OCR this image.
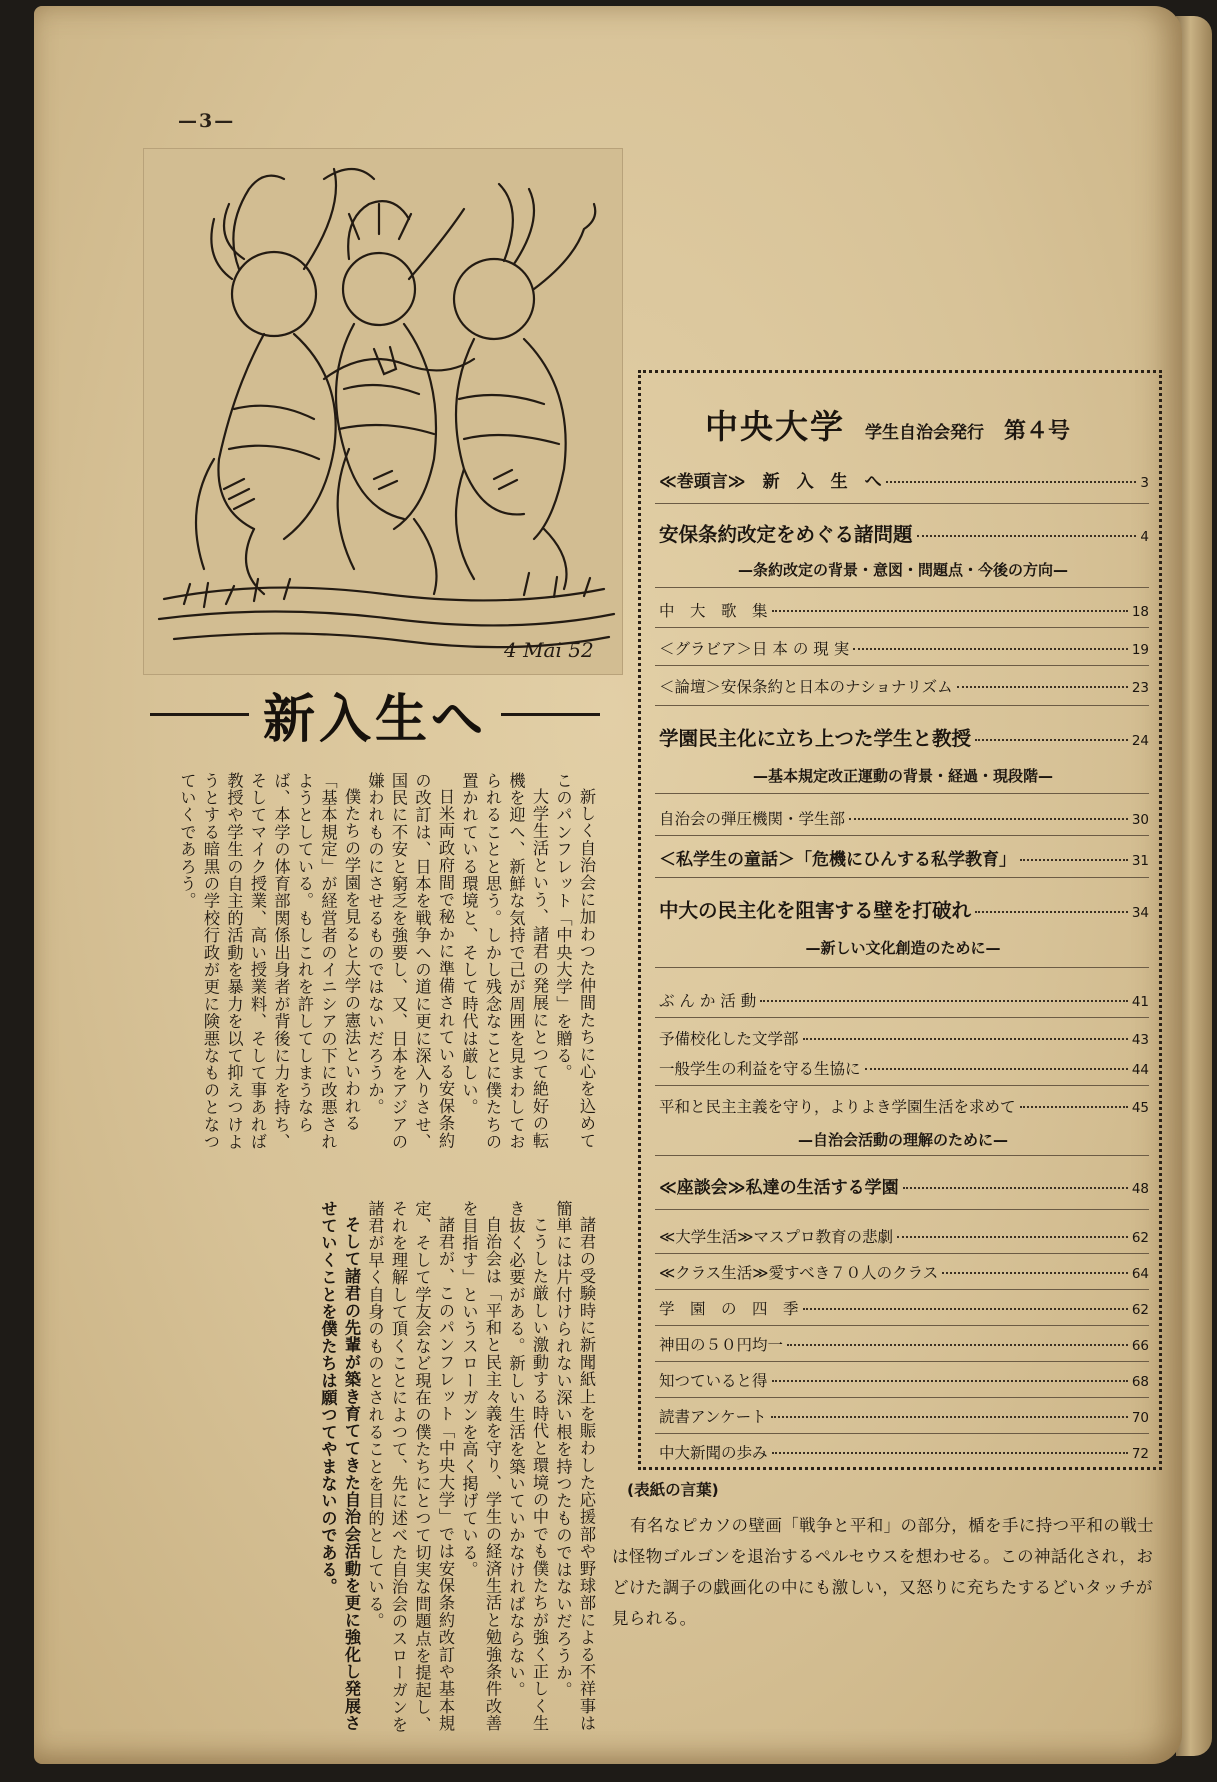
—3—
4 Mai 52
新入生へ

新しく自治会に加わつた仲間たちに心を込めてこのパンフレット「中央大学」を贈る。

大学生活という、諸君の発展にとつて絶好の転機を迎へ、新鮮な気持で己が周囲を見まわしておられることと思う。しかし残念なことに僕たちの置かれている環境と、そして時代は厳しい。

日米両政府間で秘かに準備されている安保条約の改訂は、日本を戦争への道に更に深入りさせ、国民に不安と窮乏を強要し、又、日本をアジアの嫌われものにさせるものではないだろうか。

僕たちの学園を見ると大学の憲法といわれる「基本規定」が経営者のイニシアの下に改悪されようとしている。もしこれを許してしまうならば、本学の体育部関係出身者が背後に力を持ち、そしてマイク授業、高い授業料、そして事あれば教授や学生の自主的活動を暴力を以て抑えつけようとする暗黒の学校行政が更に険悪なものとなつていくであろう。

諸君の受験時に新聞紙上を賑わした応援部や野球部による不祥事は簡単には片付けられない深い根を持つたものではないだろうか。

こうした厳しい激動する時代と環境の中でも僕たちが強く正しく生き抜く必要がある。新しい生活を築いていかなければならない。

自治会は「平和と民主々義を守り、学生の経済生活と勉強条件改善を目指す」というスローガンを高く掲げている。

諸君が、このパンフレット「中央大学」では安保条約改訂や基本規定、そして学友会など現在の僕たちにとつて切実な問題点を提起し、それを理解して頂くことによつて、先に述べた自治会のスローガンを諸君が早く自身のものとされることを目的としている。

そして諸君の先輩が築き育ててきた自治会活動を更に強化し発展させていくことを僕たちは願つてやまないのである。

中央大学 学生自治会発行 第４号
≪巻頭言≫　新　入　生　へ	3
安保条約改定をめぐる諸問題	4
—条約改定の背景・意図・問題点・今後の方向—
中　大　歌　集	18
＜グラビア＞日 本 の 現 実	19
＜論壇＞安保条約と日本のナショナリズム	23
学園民主化に立ち上つた学生と教授	24
—基本規定改正運動の背景・経過・現段階—
自治会の弾圧機関・学生部	30
＜私学生の童話＞「危機にひんする私学教育」	31
中大の民主化を阻害する壁を打破れ	34
—新しい文化創造のために—
ぶ ん か 活 動	41
予備校化した文学部	43
一般学生の利益を守る生協に	44
平和と民主主義を守り，よりよき学園生活を求めて	45
—自治会活動の理解のために—
≪座談会≫私達の生活する学園	48
≪大学生活≫マスプロ教育の悲劇	62
≪クラス生活≫愛すべき７０人のクラス	64
学　園　の　四　季	62
神田の５０円均一	66
知つていると得	68
読書アンケート	70
中大新聞の歩み	72
(表紙の言葉)
有名なピカソの壁画「戦争と平和」の部分，楯を手に持つ平和の戦士は怪物ゴルゴンを退治するペルセウスを想わせる。この神話化され，おどけた調子の戯画化の中にも激しい，又怒りに充ちたするどいタッチが見られる。
